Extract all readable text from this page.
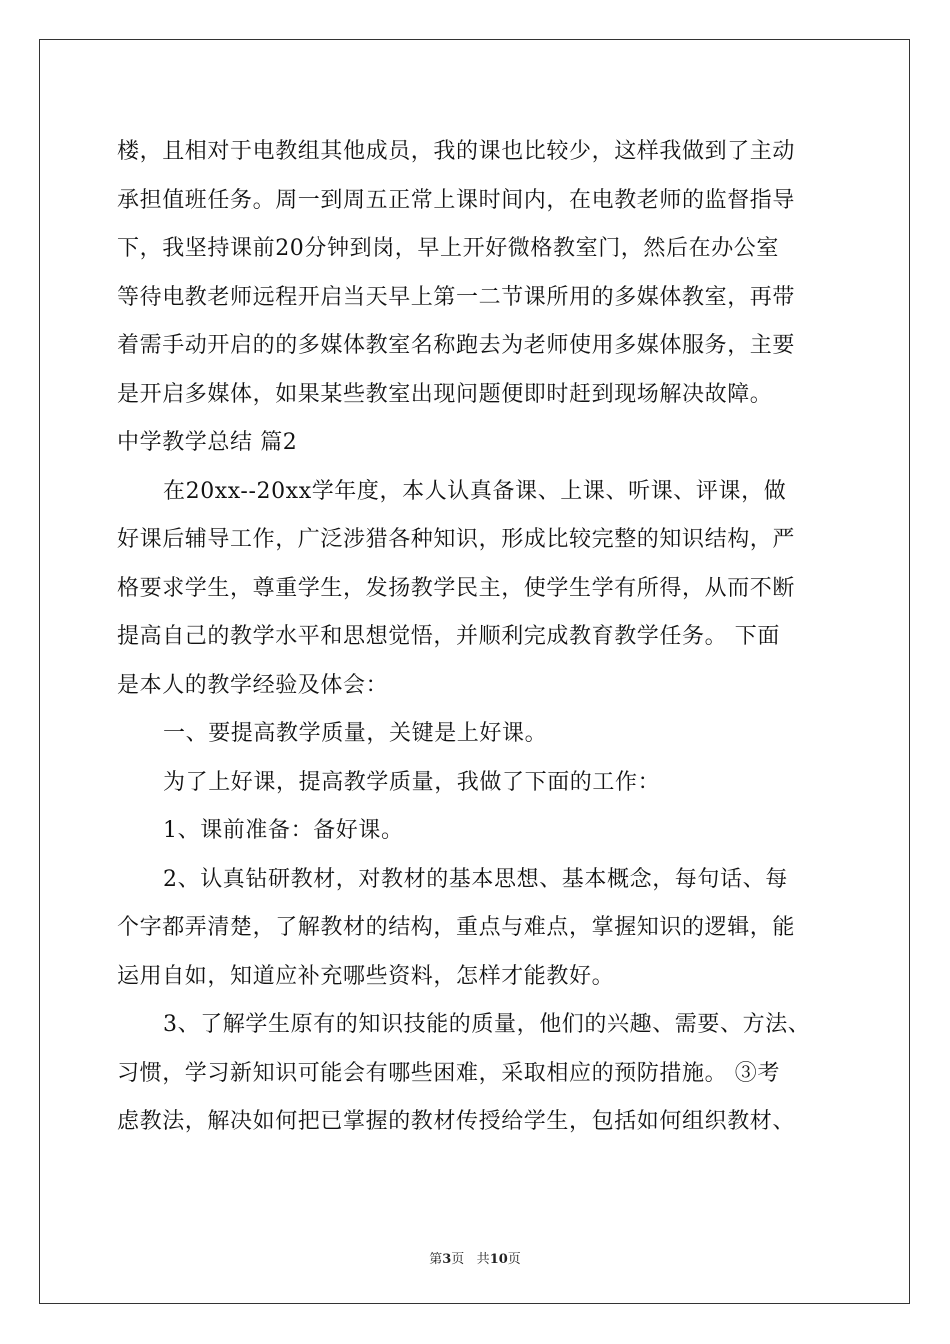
楼，且相对于电教组其他成员，我的课也比较少，这样我做到了主动
承担值班任务。周一到周五正常上课时间内，在电教老师的监督指导
下，我坚持课前20分钟到岗，早上开好微格教室门，然后在办公室
等待电教老师远程开启当天早上第一二节课所用的多媒体教室，再带
着需手动开启的的多媒体教室名称跑去为老师使用多媒体服务，主要
是开启多媒体，如果某些教室出现问题便即时赶到现场解决故障。
中学教学总结 篇2
在20xx--20xx学年度，本人认真备课、上课、听课、评课，做
好课后辅导工作，广泛涉猎各种知识，形成比较完整的知识结构，严
格要求学生，尊重学生，发扬教学民主，使学生学有所得，从而不断
提高自己的教学水平和思想觉悟，并顺利完成教育教学任务。 下面
是本人的教学经验及体会：
一、要提高教学质量，关键是上好课。
为了上好课，提高教学质量，我做了下面的工作：
1、课前准备：备好课。
2、认真钻研教材，对教材的基本思想、基本概念，每句话、每
个字都弄清楚，了解教材的结构，重点与难点，掌握知识的逻辑，能
运用自如，知道应补充哪些资料，怎样才能教好。
3、了解学生原有的知识技能的质量，他们的兴趣、需要、方法、
习惯，学习新知识可能会有哪些困难，采取相应的预防措施。 ③考
虑教法，解决如何把已掌握的教材传授给学生，包括如何组织教材、
第3页 共10页
